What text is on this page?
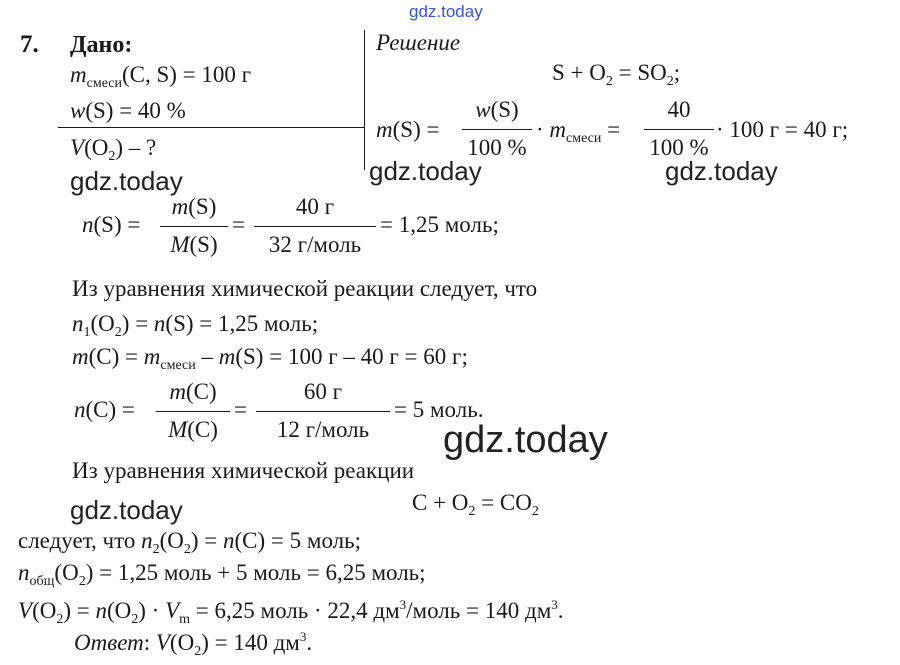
gdz.today
gdz.today	gdz.today	gdz.today
gdz.today
gdz.today
7. Дано:
$m_{смеси}(C$, S) = 100 г
w(S) = 40 %
$V(O_2)$ – ?
Решение
$S + O_2 = SO_2$;
m(S) =
w(S)
100 %
· $m_{смеси}$ =
40
100 %
· 100 г = 40 г;
n(S) =
m(S)
M(S)
=
40 г
32 г/моль
= 1,25 моль;
Из уравнения химической реакции следует, что
$n_1(O_2) = n(S) = 1,25$ моль;
$m(C) = m_{смеси} - m(S) = 100$ г – 40 г = 60 г;
n(C) =
m(C)
M(C)
=
60 г
12 г/моль
= 5 моль.
Из уравнения химической реакции
$C + O_2 = CO_2$
следует, что $n_2(O_2) = n(C) = 5$ моль;
$n_{общ}(O_2) = 1,25$ моль + 5 моль = 6,25 моль;
$V(O_2) = n(O_2) \cdot V_m = 6,25$ моль · 22,4 $дм^3$/моль = 140 $дм^3$.
Ответ: $V(O_2) = 140$ $дм^3$.
